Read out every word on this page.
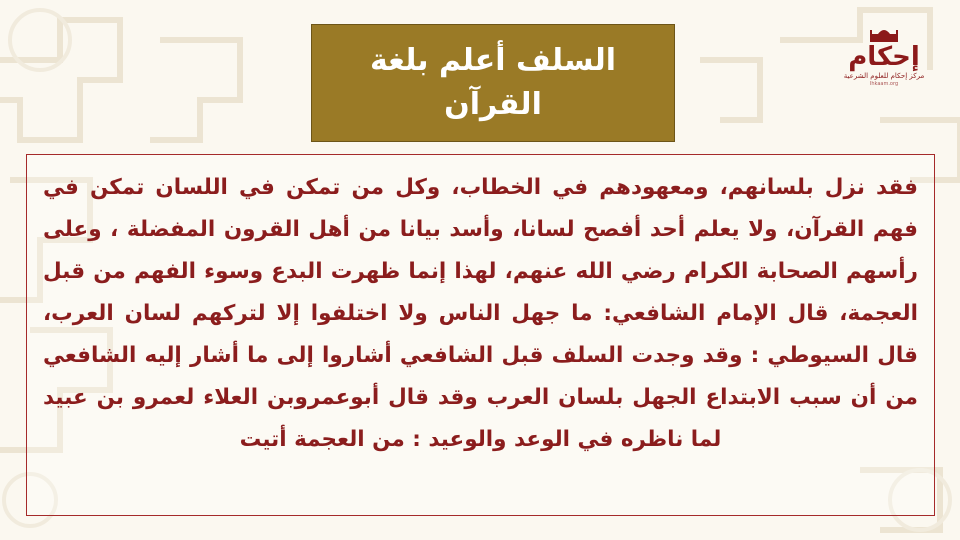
إحكام
مركز إحكام للعلوم الشرعية
Ihkaam.org
السلف أعلم بلغة
القرآن

فقد نزل بلسانهم، ومعهودهم في الخطاب، وكل من تمكن في اللسان تمكن في فهم القرآن، ولا يعلم أحد أفصح لسانا، وأسد بيانا من أهل القرون المفضلة ، وعلى رأسهم الصحابة الكرام رضي الله عنهم، لهذا إنما ظهرت البدع وسوء الفهم من قبل العجمة، قال الإمام الشافعي: ما جهل الناس ولا اختلفوا إلا لتركهم لسان العرب، قال السيوطي : وقد وجدت السلف قبل الشافعي أشاروا إلى ما أشار إليه الشافعي من أن سبب الابتداع الجهل بلسان العرب وقد قال أبوعمروبن العلاء لعمرو بن عبيد لما ناظره في الوعد والوعيد : من العجمة أتيت
